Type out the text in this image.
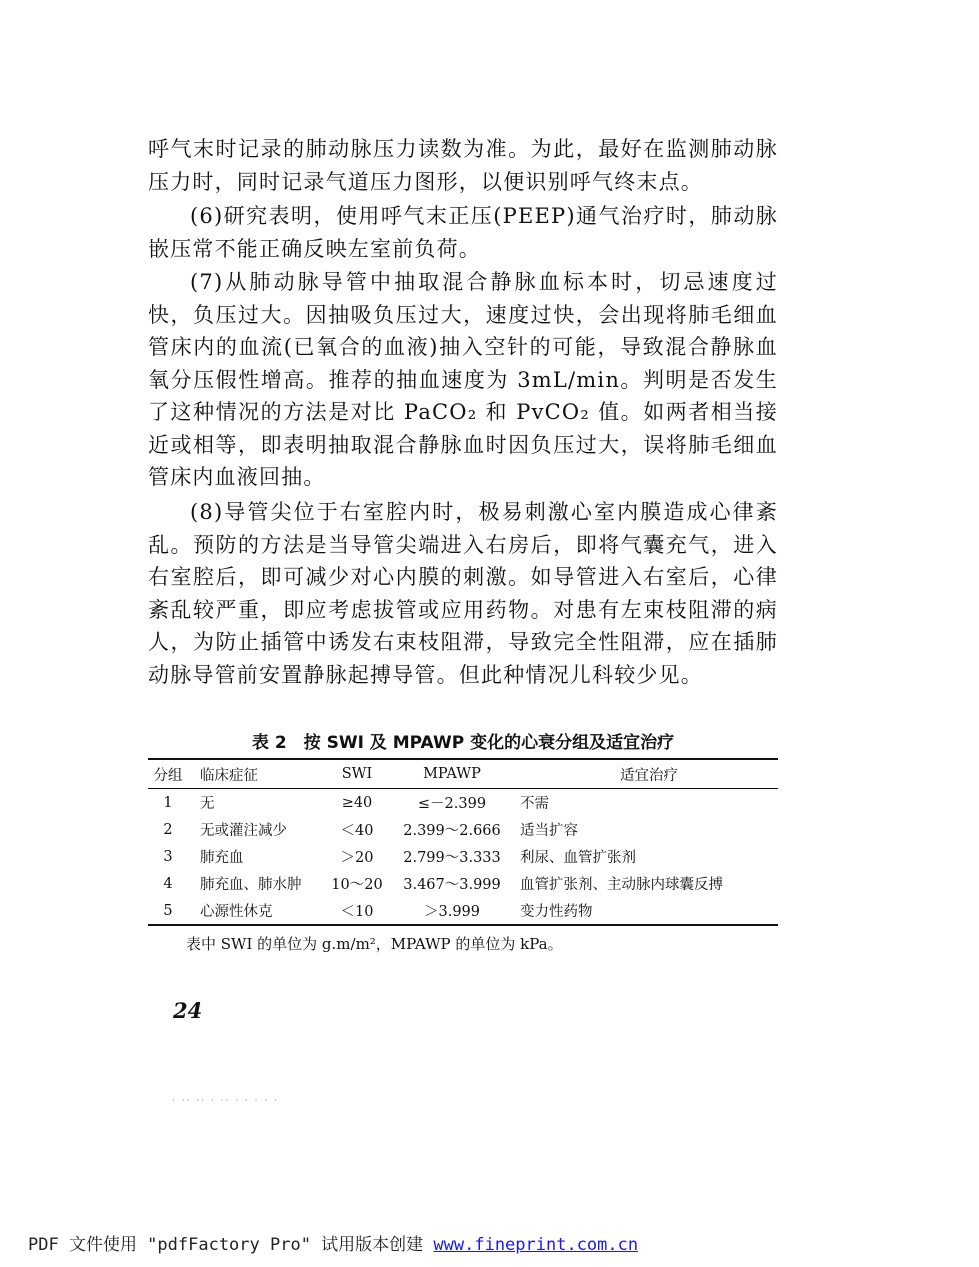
呼气末时记录的肺动脉压力读数为准。为此，最好在监测肺动脉压力时，同时记录气道压力图形，以便识别呼气终末点。

(6)研究表明，使用呼气末正压(PEEP)通气治疗时，肺动脉嵌压常不能正确反映左室前负荷。

(7)从肺动脉导管中抽取混合静脉血标本时，切忌速度过快，负压过大。因抽吸负压过大，速度过快，会出现将肺毛细血管床内的血流(已氧合的血液)抽入空针的可能，导致混合静脉血氧分压假性增高。推荐的抽血速度为 3mL/min。判明是否发生了这种情况的方法是对比 PaCO₂ 和 PvCO₂ 值。如两者相当接近或相等，即表明抽取混合静脉血时因负压过大，误将肺毛细血管床内血液回抽。

(8)导管尖位于右室腔内时，极易刺激心室内膜造成心律紊乱。预防的方法是当导管尖端进入右房后，即将气囊充气，进入右室腔后，即可减少对心内膜的刺激。如导管进入右室后，心律紊乱较严重，即应考虑拔管或应用药物。对患有左束枝阻滞的病人，为防止插管中诱发右束枝阻滞，导致完全性阻滞，应在插肺动脉导管前安置静脉起搏导管。但此种情况儿科较少见。

表 2　按 SWI 及 MPAWP 变化的心衰分组及适宜治疗
分组	临床症征	SWI	MPAWP	适宜治疗
1	无	≥40	≤－2.399	不需
2	无或灌注减少	＜40	2.399～2.666	适当扩容
3	肺充血	＞20	2.799～3.333	利尿、血管扩张剂
4	肺充血、肺水肿	10～20	3.467～3.999	血管扩张剂、主动脉内球囊反搏
5	心源性休克	＜10	＞3.999	变力性药物
表中 SWI 的单位为 g.m/m²，MPAWP 的单位为 kPa。
24
· ·· ·· · ·· · · · · ·
PDF 文件使用 "pdfFactory Pro" 试用版本创建 www.fineprint.com.cn
